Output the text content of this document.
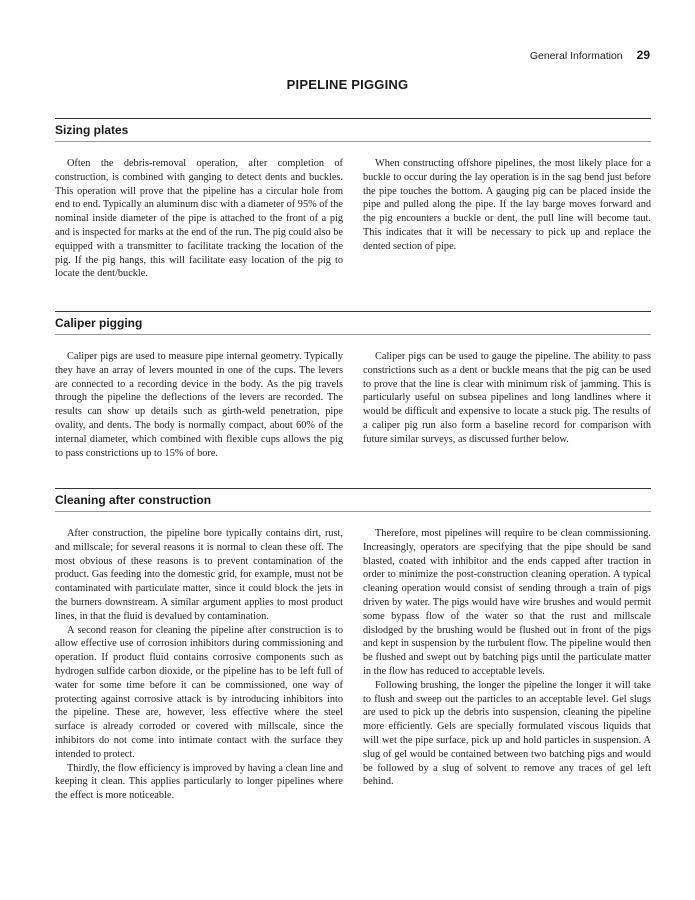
General Information 29
PIPELINE PIGGING
Sizing plates

Often the debris-removal operation, after completion of construction, is combined with ganging to detect dents and buckles. This operation will prove that the pipeline has a circular hole from end to end. Typically an aluminum disc with a diameter of 95% of the nominal inside diameter of the pipe is attached to the front of a pig and is inspected for marks at the end of the run. The pig could also be equipped with a transmitter to facilitate tracking the location of the pig. If the pig hangs, this will facilitate easy location of the pig to locate the dent/buckle.

When constructing offshore pipelines, the most likely place for a buckle to occur during the lay operation is in the sag bend just before the pipe touches the bottom. A gauging pig can be placed inside the pipe and pulled along the pipe. If the lay barge moves forward and the pig encounters a buckle or dent, the pull line will become taut. This indicates that it will be necessary to pick up and replace the dented section of pipe.

Caliper pigging

Caliper pigs are used to measure pipe internal geometry. Typically they have an array of levers mounted in one of the cups. The levers are connected to a recording device in the body. As the pig travels through the pipeline the deflections of the levers are recorded. The results can show up details such as girth-weld penetration, pipe ovality, and dents. The body is normally compact, about 60% of the internal diameter, which combined with flexible cups allows the pig to pass constrictions up to 15% of bore.

Caliper pigs can be used to gauge the pipeline. The ability to pass constrictions such as a dent or buckle means that the pig can be used to prove that the line is clear with minimum risk of jamming. This is particularly useful on subsea pipelines and long landlines where it would be difficult and expensive to locate a stuck pig. The results of a caliper pig run also form a baseline record for comparison with future similar surveys, as discussed further below.

Cleaning after construction

After construction, the pipeline bore typically contains dirt, rust, and millscale; for several reasons it is normal to clean these off. The most obvious of these reasons is to prevent contamination of the product. Gas feeding into the domestic grid, for example, must not be contaminated with particulate matter, since it could block the jets in the burners downstream. A similar argument applies to most product lines, in that the fluid is devalued by contamination.

A second reason for cleaning the pipeline after construction is to allow effective use of corrosion inhibitors during commissioning and operation. If product fluid contains corrosive components such as hydrogen sulfide carbon dioxide, or the pipeline has to be left full of water for some time before it can be commissioned, one way of protecting against corrosive attack is by introducing inhibitors into the pipeline. These are, however, less effective where the steel surface is already corroded or covered with millscale, since the inhibitors do not come into intimate contact with the surface they intended to protect.

Thirdly, the flow efficiency is improved by having a clean line and keeping it clean. This applies particularly to longer pipelines where the effect is more noticeable.

Therefore, most pipelines will require to be clean commissioning. Increasingly, operators are specifying that the pipe should be sand blasted, coated with inhibitor and the ends capped after traction in order to minimize the post-construction cleaning operation. A typical cleaning operation would consist of sending through a train of pigs driven by water. The pigs would have wire brushes and would permit some bypass flow of the water so that the rust and millscale dislodged by the brushing would be flushed out in front of the pigs and kept in suspension by the turbulent flow. The pipeline would then be flushed and swept out by batching pigs until the particulate matter in the flow has reduced to acceptable levels.

Following brushing, the longer the pipeline the longer it will take to flush and sweep out the particles to an acceptable level. Gel slugs are used to pick up the debris into suspension, cleaning the pipeline more efficiently. Gels are specially formulated viscous liquids that will wet the pipe surface, pick up and hold particles in suspension. A slug of gel would be contained between two batching pigs and would be followed by a slug of solvent to remove any traces of gel left behind.
